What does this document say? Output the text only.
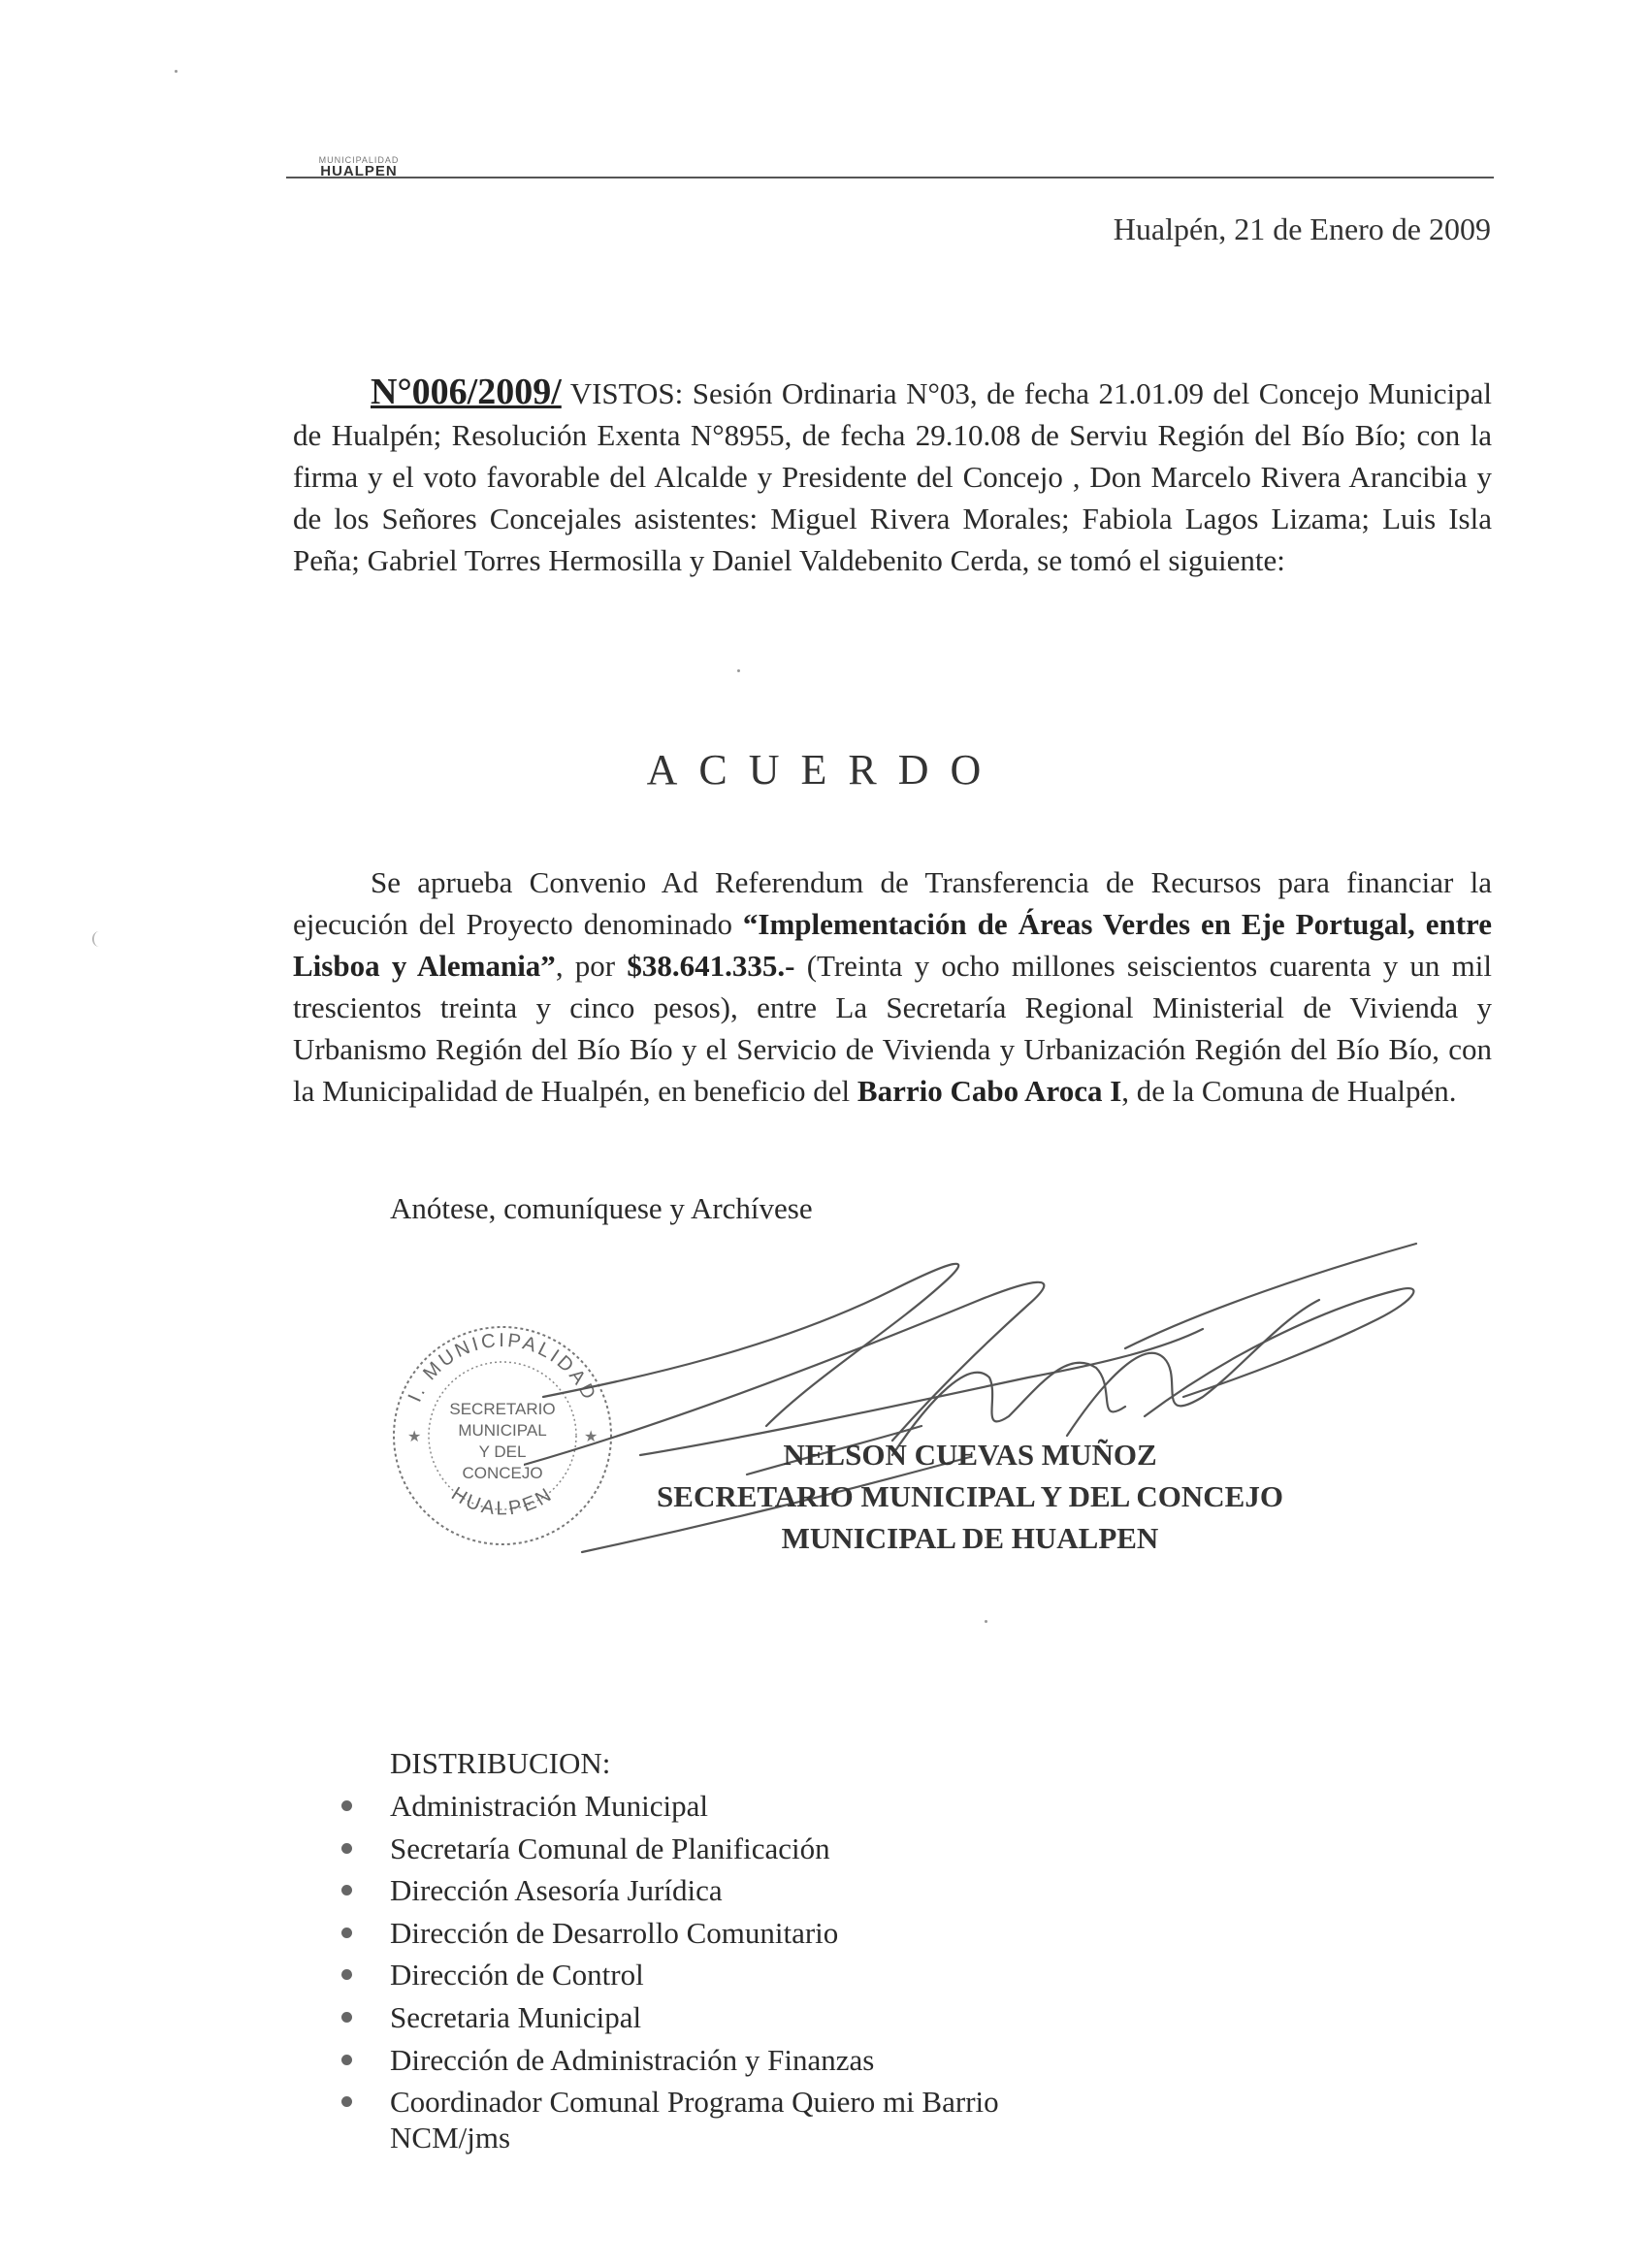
MUNICIPALIDAD
HUALPEN
Hualpén, 21 de Enero de 2009
N°006/2009/ VISTOS: Sesión Ordinaria N°03, de fecha 21.01.09 del Concejo Municipal de Hualpén; Resolución Exenta N°8955, de fecha 29.10.08 de Serviu Región del Bío Bío; con la firma y el voto favorable del Alcalde y Presidente del Concejo , Don Marcelo Rivera Arancibia y de los Señores Concejales asistentes: Miguel Rivera Morales; Fabiola Lagos Lizama; Luis Isla Peña; Gabriel Torres Hermosilla y Daniel Valdebenito Cerda, se tomó el siguiente:
ACUERDO
Se aprueba Convenio Ad Referendum de Transferencia de Recursos para financiar la ejecución del Proyecto denominado “Implementación de Áreas Verdes en Eje Portugal, entre Lisboa y Alemania”, por $38.641.335.- (Treinta y ocho millones seiscientos cuarenta y un mil trescientos treinta y cinco pesos), entre La Secretaría Regional Ministerial de Vivienda y Urbanismo Región del Bío Bío y el Servicio de Vivienda y Urbanización Región del Bío Bío, con la Municipalidad de Hualpén, en beneficio del Barrio Cabo Aroca I, de la Comuna de Hualpén.
Anótese, comuníquese y Archívese
I. MUNICIPALIDAD
HUALPEN
SECRETARIO
MUNICIPAL
Y DEL
CONCEJO
★	★
NELSON CUEVAS MUÑOZ
SECRETARIO MUNICIPAL Y DEL CONCEJO
MUNICIPAL DE HUALPEN
DISTRIBUCION:
Administración Municipal
Secretaría Comunal de Planificación
Dirección Asesoría Jurídica
Dirección de Desarrollo Comunitario
Dirección de Control
Secretaria Municipal
Dirección de Administración y Finanzas
Coordinador Comunal Programa Quiero mi Barrio
NCM/jms
